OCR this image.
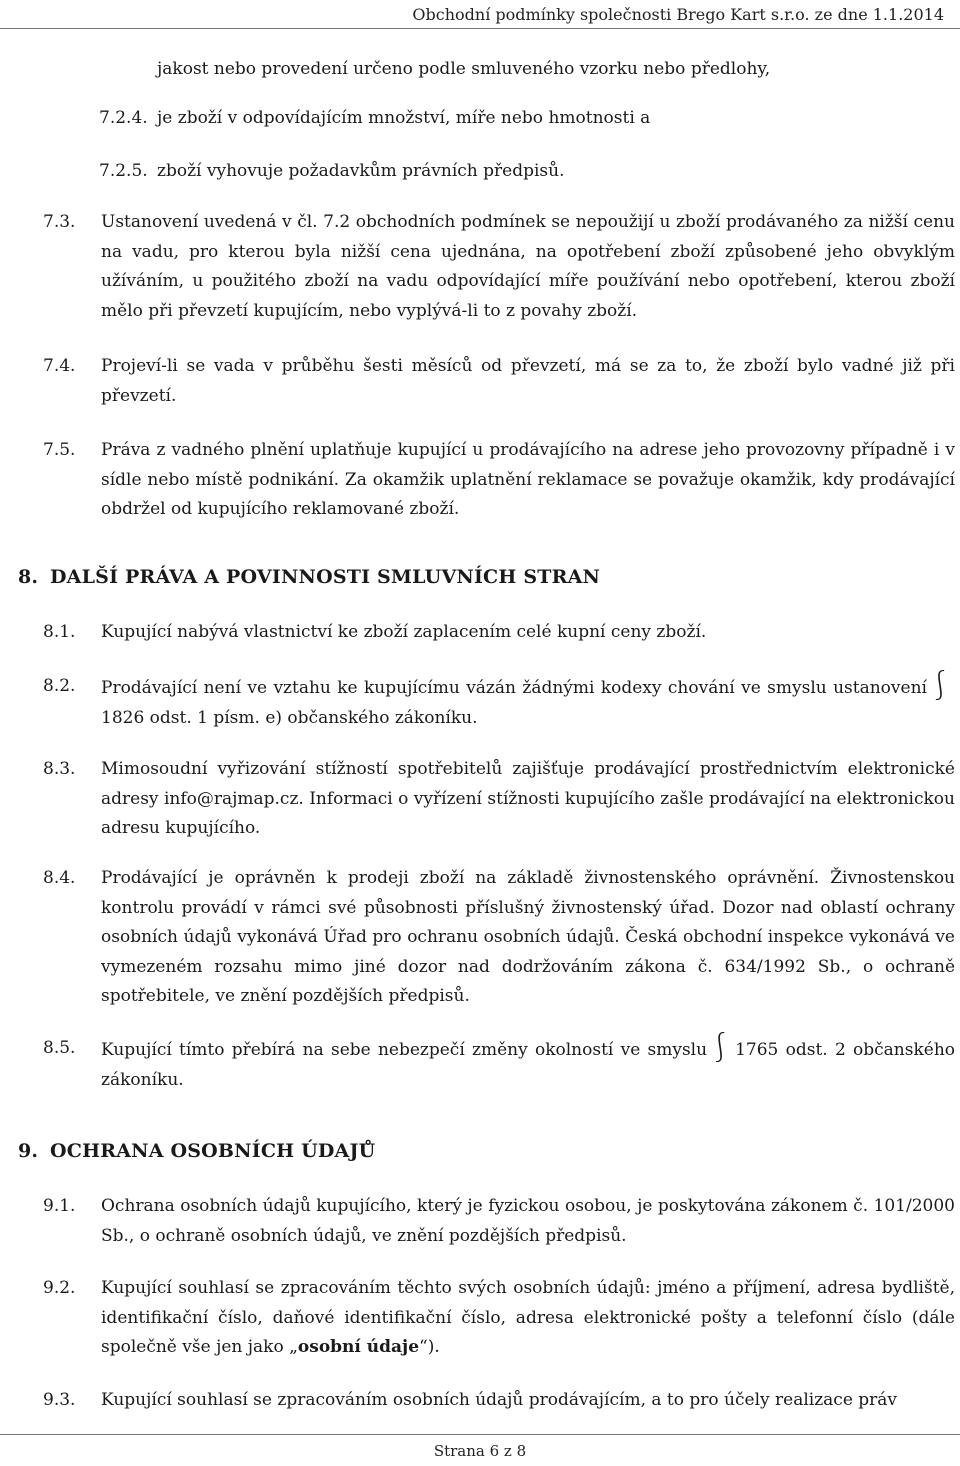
Obchodní podmínky společnosti Brego Kart s.r.o. ze dne 1.1.2014

jakost nebo provedení určeno podle smluveného vzorku nebo předlohy,

7.2.4. je zboží v odpovídajícím množství, míře nebo hmotnosti a

7.2.5. zboží vyhovuje požadavkům právních předpisů.

7.3. Ustanovení uvedená v čl. 7.2 obchodních podmínek se nepoužijí u zboží prodávaného za nižší cenu na vadu, pro kterou byla nižší cena ujednána, na opotřebení zboží způsobené jeho obvyklým užíváním, u použitého zboží na vadu odpovídající míře používání nebo opotřebení, kterou zboží mělo při převzetí kupujícím, nebo vyplývá-li to z povahy zboží.

7.4. Projeví-li se vada v průběhu šesti měsíců od převzetí, má se za to, že zboží bylo vadné již při převzetí.

7.5. Práva z vadného plnění uplatňuje kupující u prodávajícího na adrese jeho provozovny případně i v sídle nebo místě podnikání. Za okamžik uplatnění reklamace se považuje okamžik, kdy prodávající obdržel od kupujícího reklamované zboží.

8. DALŠÍ PRÁVA A POVINNOSTI SMLUVNÍCH STRAN

8.1. Kupující nabývá vlastnictví ke zboží zaplacením celé kupní ceny zboží.

8.2. Prodávající není ve vztahu ke kupujícímu vázán žádnými kodexy chování ve smyslu ustanovení⎰1826 odst. 1 písm. e) občanského zákoníku.

8.3. Mimosoudní vyřizování stížností spotřebitelů zajišťuje prodávající prostřednictvím elektronické adresy info@rajmap.cz. Informaci o vyřízení stížnosti kupujícího zašle prodávající na elektronickou adresu kupujícího.

8.4. Prodávající je oprávněn k prodeji zboží na základě živnostenského oprávnění. Živnostenskou kontrolu provádí v rámci své působnosti příslušný živnostenský úřad. Dozor nad oblastí ochrany osobních údajů vykonává Úřad pro ochranu osobních údajů. Česká obchodní inspekce vykonává ve vymezeném rozsahu mimo jiné dozor nad dodržováním zákona č. 634/1992 Sb., o ochraně spotřebitele, ve znění pozdějších předpisů.

8.5. Kupující tímto přebírá na sebe nebezpečí změny okolností ve smyslu⎰ 1765 odst. 2 občanského zákoníku.

9. OCHRANA OSOBNÍCH ÚDAJŮ

9.1. Ochrana osobních údajů kupujícího, který je fyzickou osobou, je poskytována zákonem č. 101/2000 Sb., o ochraně osobních údajů, ve znění pozdějších předpisů.

9.2. Kupující souhlasí se zpracováním těchto svých osobních údajů: jméno a příjmení, adresa bydliště, identifikační číslo, daňové identifikační číslo, adresa elektronické pošty a telefonní číslo (dále společně vše jen jako „osobní údaje“).

9.3. Kupující souhlasí se zpracováním osobních údajů prodávajícím, a to pro účely realizace práv

Strana 6 z 8
